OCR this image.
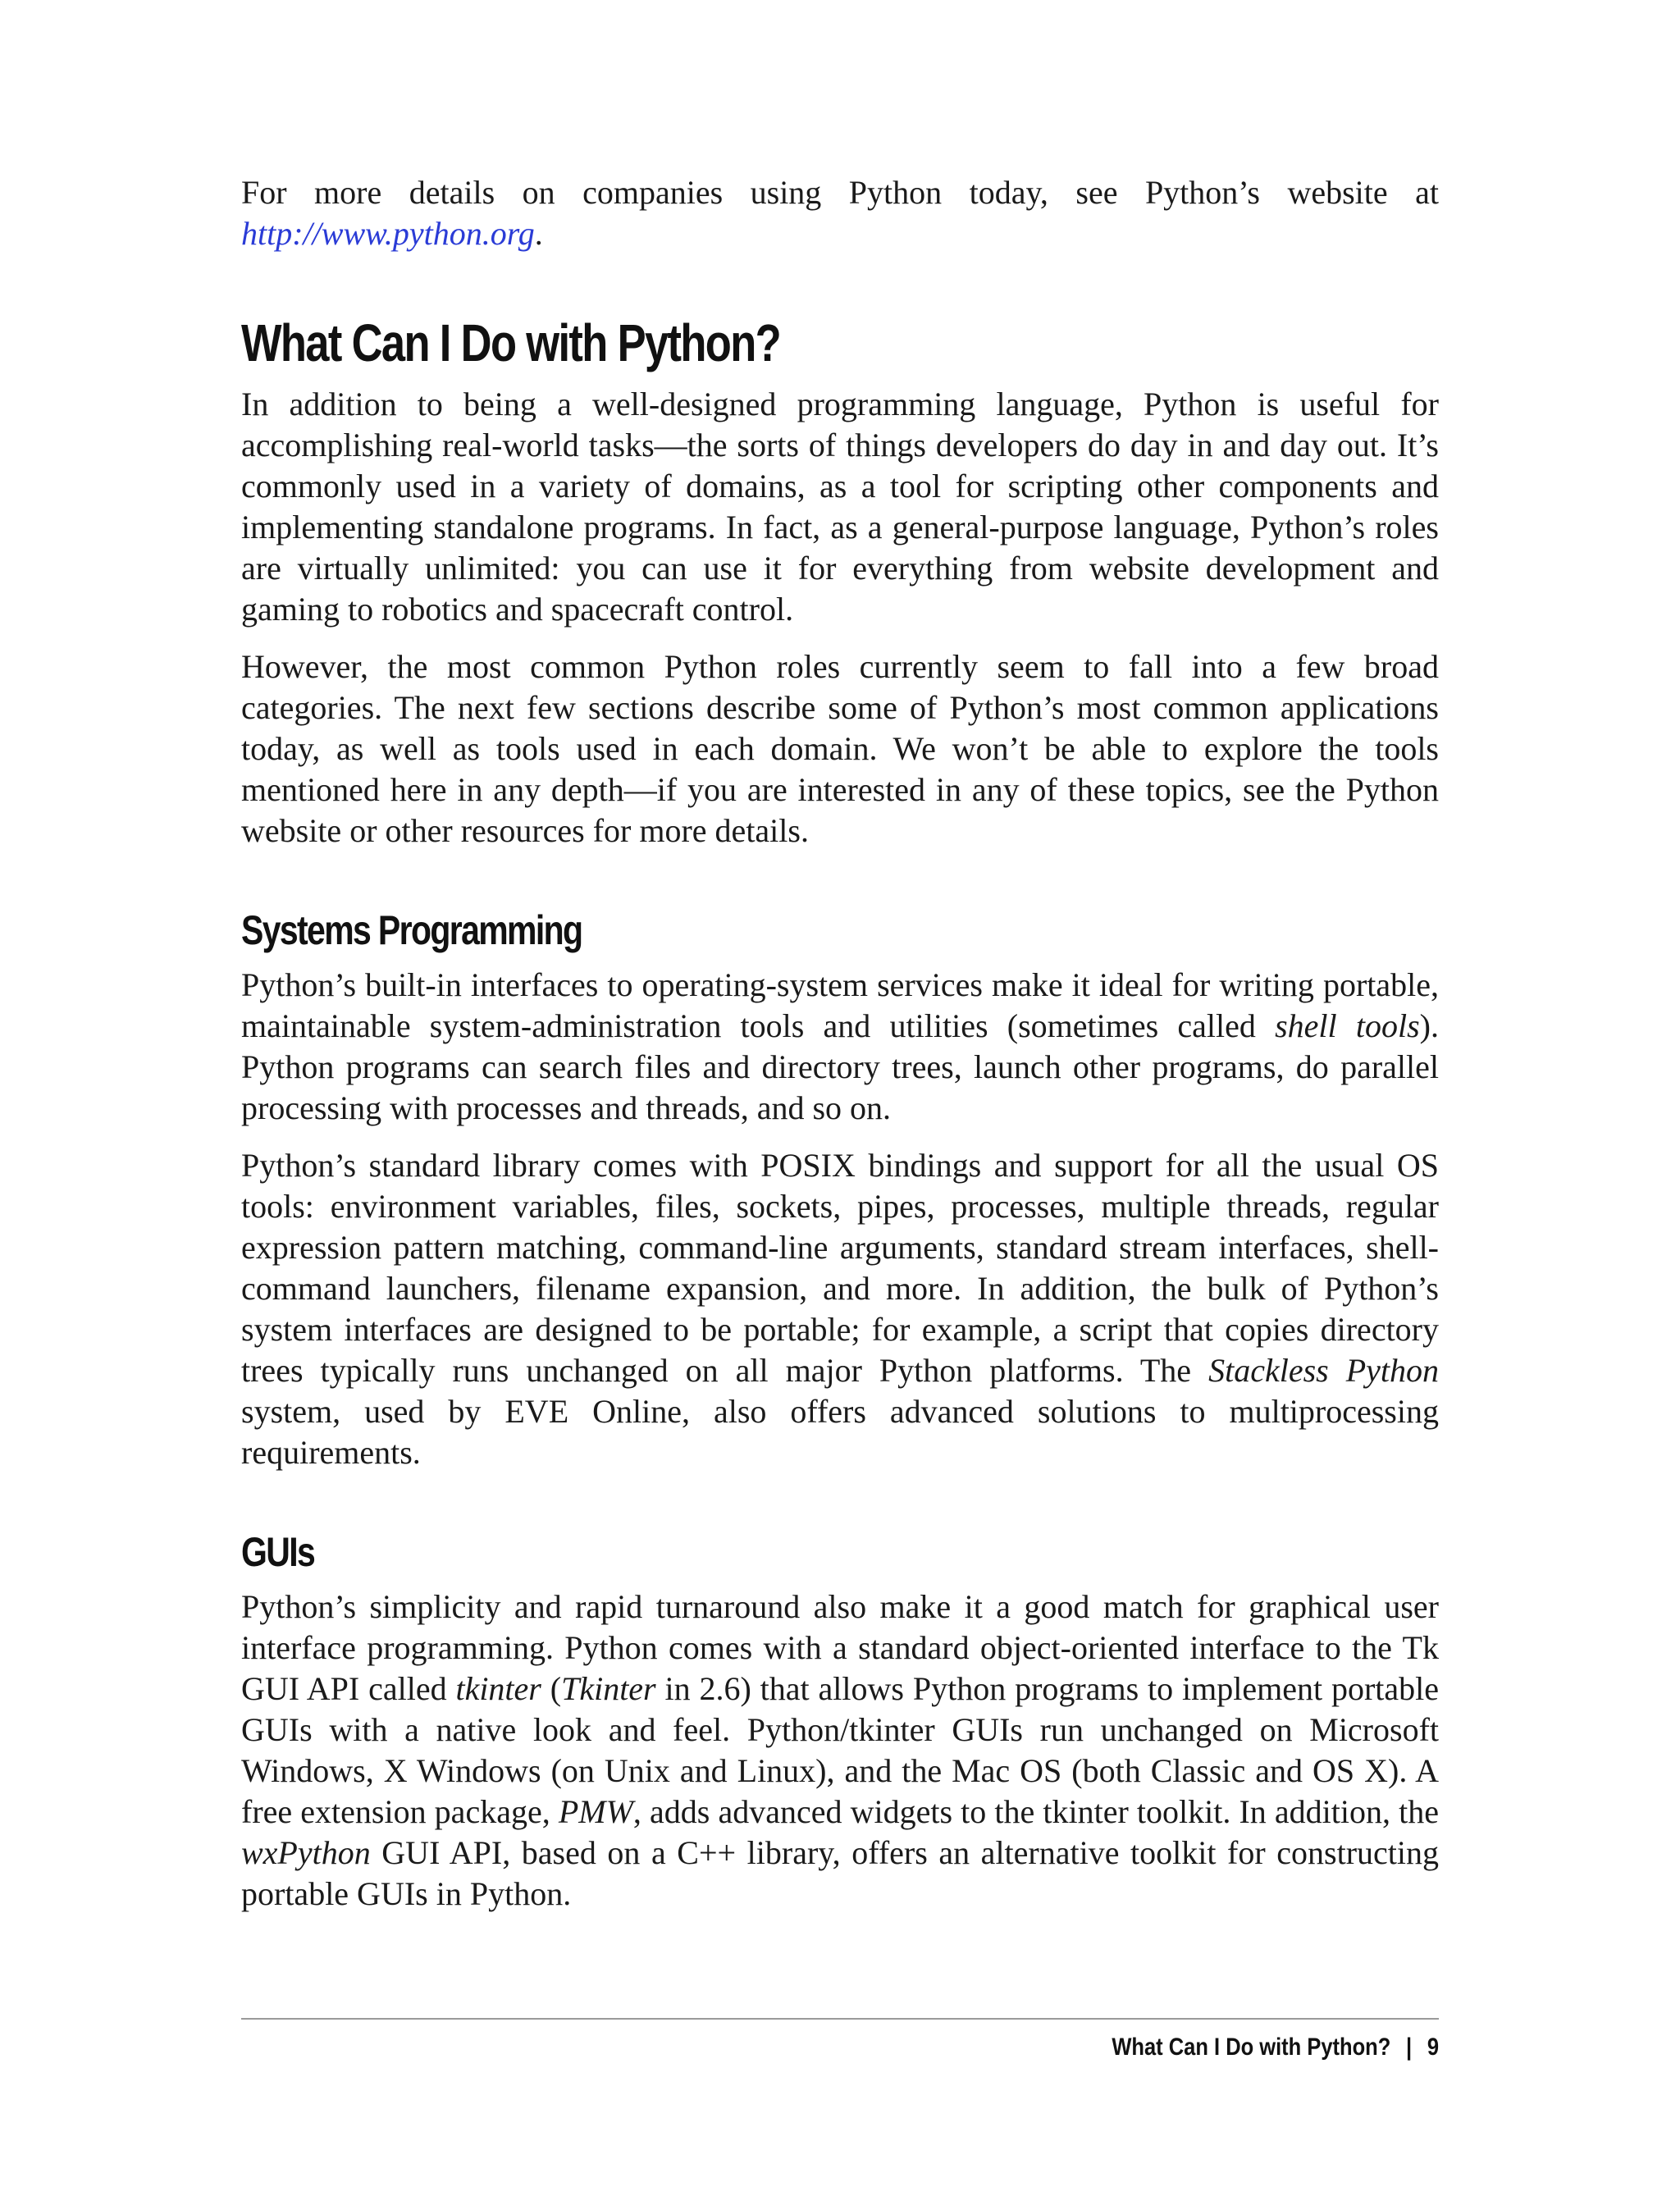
For more details on companies using Python today, see Python’s website at http://www.python.org.

What Can I Do with Python?

In addition to being a well-designed programming language, Python is useful for accomplishing real-world tasks—the sorts of things developers do day in and day out. It’s commonly used in a variety of domains, as a tool for scripting other components and implementing standalone programs. In fact, as a general-purpose language, Python’s roles are virtually unlimited: you can use it for everything from website development and gaming to robotics and spacecraft control.

However, the most common Python roles currently seem to fall into a few broad categories. The next few sections describe some of Python’s most common applications today, as well as tools used in each domain. We won’t be able to explore the tools mentioned here in any depth—if you are interested in any of these topics, see the Python website or other resources for more details.

Systems Programming

Python’s built-in interfaces to operating-system services make it ideal for writing portable, maintainable system-administration tools and utilities (sometimes called shell tools). Python programs can search files and directory trees, launch other programs, do parallel processing with processes and threads, and so on.

Python’s standard library comes with POSIX bindings and support for all the usual OS tools: environment variables, files, sockets, pipes, processes, multiple threads, regular expression pattern matching, command-line arguments, standard stream interfaces, shell-command launchers, filename expansion, and more. In addition, the bulk of Python’s system interfaces are designed to be portable; for example, a script that copies directory trees typically runs unchanged on all major Python platforms. The Stackless Python system, used by EVE Online, also offers advanced solutions to multiprocessing requirements.

GUIs

Python’s simplicity and rapid turnaround also make it a good match for graphical user interface programming. Python comes with a standard object-oriented interface to the Tk GUI API called tkinter (Tkinter in 2.6) that allows Python programs to implement portable GUIs with a native look and feel. Python/tkinter GUIs run unchanged on Microsoft Windows, X Windows (on Unix and Linux), and the Mac OS (both Classic and OS X). A free extension package, PMW, adds advanced widgets to the tkinter toolkit. In addition, the wxPython GUI API, based on a C++ library, offers an alternative toolkit for constructing portable GUIs in Python.

What Can I Do with Python? | 9
